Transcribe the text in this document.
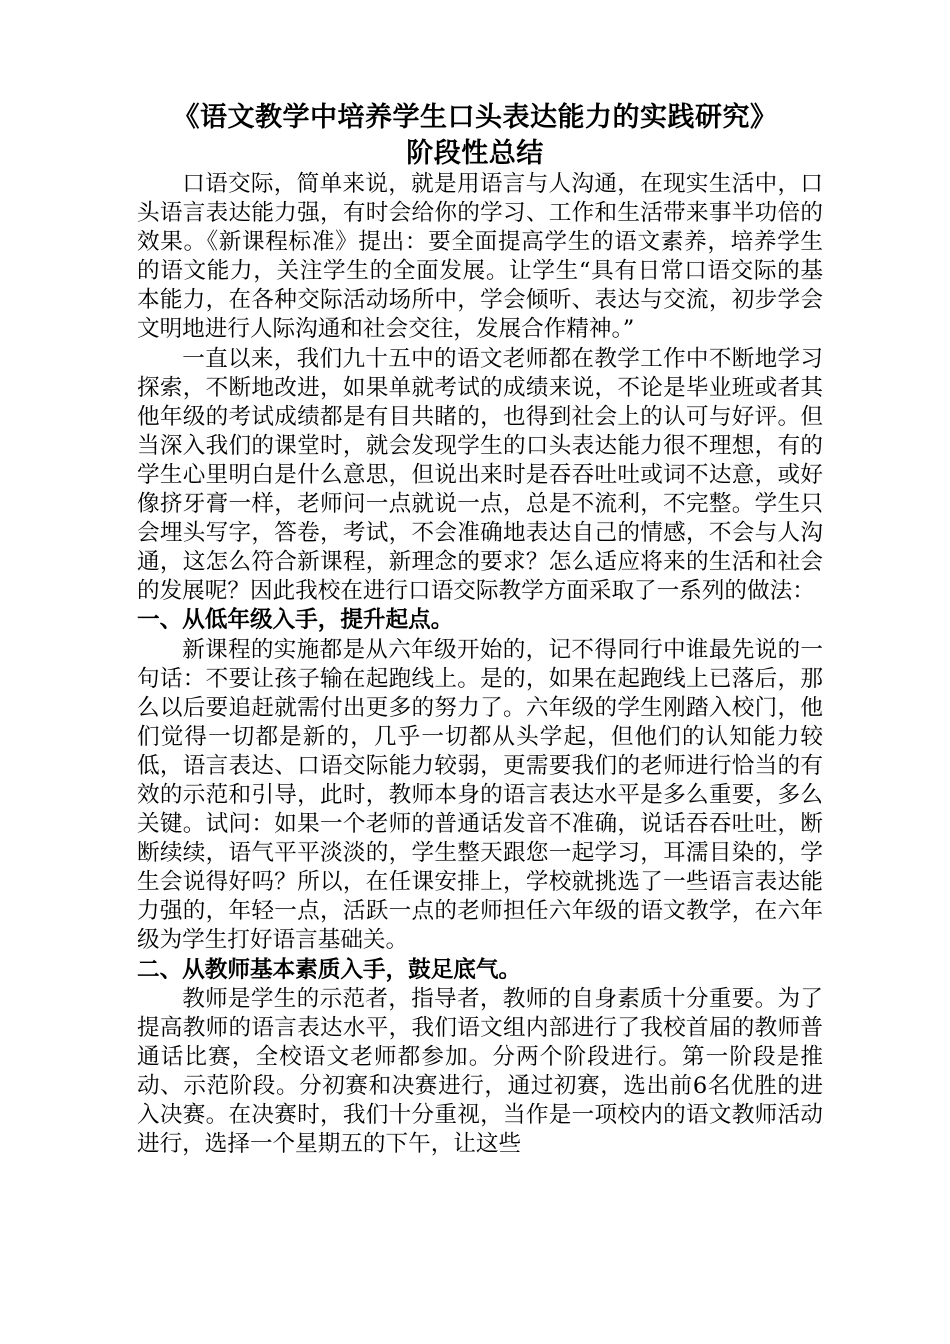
《语文教学中培养学生口头表达能力的实践研究》
阶段性总结

口语交际，简单来说，就是用语言与人沟通，在现实生活中，口头语言表达能力强，有时会给你的学习、工作和生活带来事半功倍的效果。《新课程标准》提出：要全面提高学生的语文素养，培养学生的语文能力，关注学生的全面发展。让学生“具有日常口语交际的基本能力，在各种交际活动场所中，学会倾听、表达与交流，初步学会文明地进行人际沟通和社会交往，发展合作精神。”

一直以来，我们九十五中的语文老师都在教学工作中不断地学习探索，不断地改进，如果单就考试的成绩来说，不论是毕业班或者其他年级的考试成绩都是有目共睹的，也得到社会上的认可与好评。但当深入我们的课堂时，就会发现学生的口头表达能力很不理想，有的学生心里明白是什么意思，但说出来时是吞吞吐吐或词不达意，或好像挤牙膏一样，老师问一点就说一点，总是不流利，不完整。学生只会埋头写字，答卷，考试，不会准确地表达自己的情感，不会与人沟通，这怎么符合新课程，新理念的要求？怎么适应将来的生活和社会的发展呢？因此我校在进行口语交际教学方面采取了一系列的做法：

一、从低年级入手，提升起点。

新课程的实施都是从六年级开始的，记不得同行中谁最先说的一句话：不要让孩子输在起跑线上。是的，如果在起跑线上已落后，那么以后要追赶就需付出更多的努力了。六年级的学生刚踏入校门，他们觉得一切都是新的，几乎一切都从头学起，但他们的认知能力较低，语言表达、口语交际能力较弱，更需要我们的老师进行恰当的有效的示范和引导，此时，教师本身的语言表达水平是多么重要，多么关键。试问：如果一个老师的普通话发音不准确，说话吞吞吐吐，断断续续，语气平平淡淡的，学生整天跟您一起学习，耳濡目染的，学生会说得好吗？所以，在任课安排上，学校就挑选了一些语言表达能力强的，年轻一点，活跃一点的老师担任六年级的语文教学，在六年级为学生打好语言基础关。

二、从教师基本素质入手，鼓足底气。

教师是学生的示范者，指导者，教师的自身素质十分重要。为了提高教师的语言表达水平，我们语文组内部进行了我校首届的教师普通话比赛，全校语文老师都参加。分两个阶段进行。第一阶段是推动、示范阶段。分初赛和决赛进行，通过初赛，选出前6名优胜的进入决赛。在决赛时，我们十分重视，当作是一项校内的语文教师活动进行，选择一个星期五的下午，让这些
